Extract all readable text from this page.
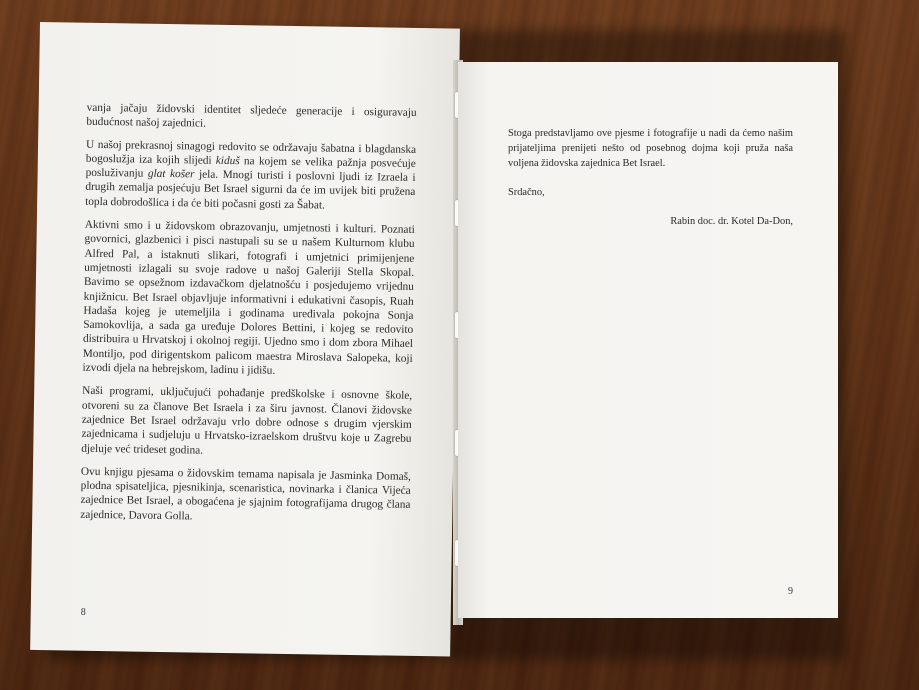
vanja jačaju židovski identitet sljedeće generacije i osiguravaju budućnost našoj zajednici.

U našoj prekrasnoj sinagogi redovito se održavaju šabatna i blagdanska bogoslužja iza kojih slijedi kiduš na kojem se velika pažnja posvećuje posluživanju glat košer jela. Mnogi turisti i poslovni ljudi iz Izraela i drugih zemalja posjećuju Bet Israel sigurni da će im uvijek biti pružena topla dobrodošlica i da će biti počasni gosti za Šabat.

Aktivni smo i u židovskom obrazovanju, umjetnosti i kulturi. Poznati govornici, glazbenici i pisci nastupali su se u našem Kulturnom klubu Alfred Pal, a istaknuti slikari, fotografi i umjetnici primijenjene umjetnosti izlagali su svoje radove u našoj Galeriji Stella Skopal. Bavimo se opsežnom izdavačkom djelatnošću i posjedujemo vrijednu knjižnicu. Bet Israel objavljuje informativni i edukativni časopis, Ruah Hadaša kojeg je utemeljila i godinama uređivala pokojna Sonja Samokovlija, a sada ga uređuje Dolores Bettini, i kojeg se redovito distribuira u Hrvatskoj i okolnoj regiji. Ujedno smo i dom zbora Mihael Montiljo, pod dirigentskom palicom maestra Miroslava Salopeka, koji izvodi djela na hebrejskom, ladinu i jidišu.

Naši programi, uključujući pohađanje predškolske i osnovne škole, otvoreni su za članove Bet Israela i za širu javnost. Članovi židovske zajednice Bet Israel održavaju vrlo dobre odnose s drugim vjerskim zajednicama i sudjeluju u Hrvatsko-izraelskom društvu koje u Zagrebu djeluje već trideset godina.

Ovu knjigu pjesama o židovskim temama napisala je Jasminka Domaš, plodna spisateljica, pjesnikinja, scenaristica, novinarka i članica Vijeća zajednice Bet Israel, a obogaćena je sjajnim fotografijama drugog člana zajednice, Davora Golla.

8

Stoga predstavljamo ove pjesme i fotografije u nadi da ćemo našim prijateljima prenijeti nešto od posebnog dojma koji pruža naša voljena židovska zajednica Bet Israel.

Srdačno,

Rabin doc. dr. Kotel Da-Don,
9
